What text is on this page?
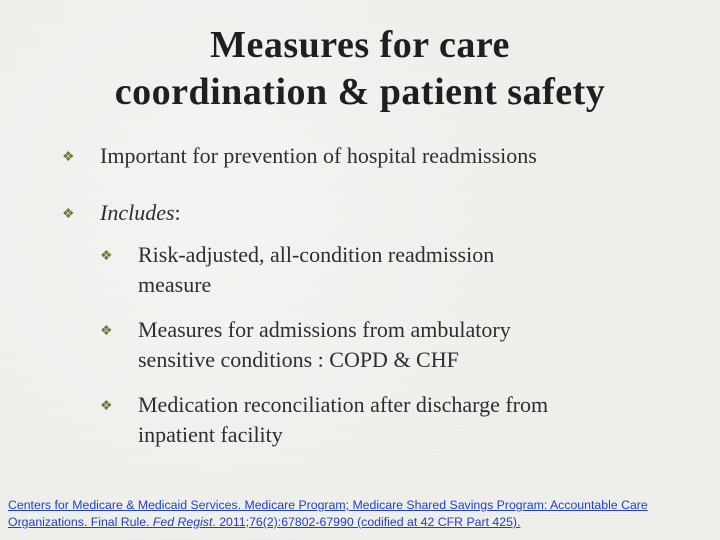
Measures for care
coordination & patient safety
❖	Important for prevention of hospital readmissions
❖	Includes:
❖	Risk-adjusted, all-condition readmission
measure
❖	Measures for admissions from ambulatory
sensitive conditions : COPD & CHF
❖	Medication reconciliation after discharge from
inpatient facility
Centers for Medicare & Medicaid Services. Medicare Program; Medicare Shared Savings Program: Accountable Care
Organizations. Final Rule. Fed Regist. 2011;76(2):67802-67990 (codified at 42 CFR Part 425).
